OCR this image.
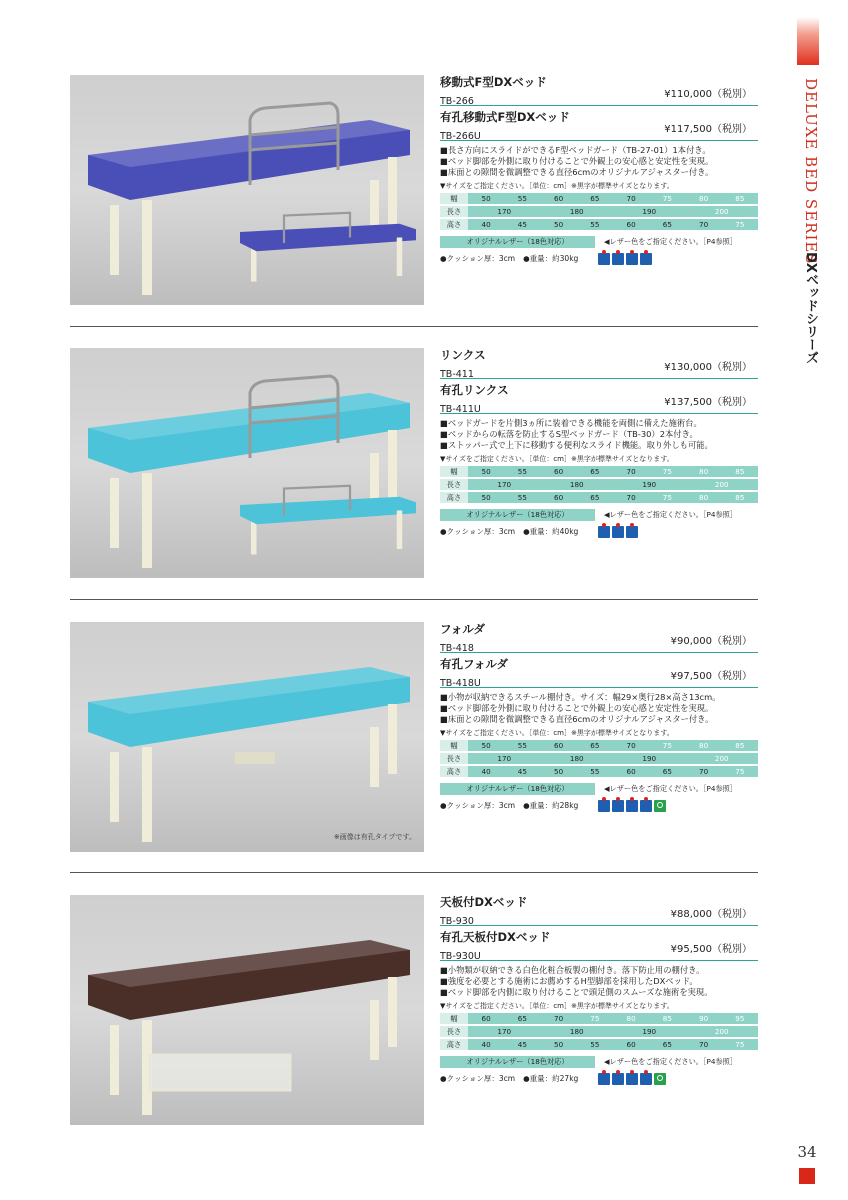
DELUXE BED SERIES
DXベッドシリーズ
34
移動式F型DXベッド
TB-266
¥110,000（税別）
有孔移動式F型DXベッド
TB-266U
¥117,500（税別）
■長さ方向にスライドができるF型ベッドガード（TB-27-01）1本付き。
■ベッド脚部を外側に取り付けることで外観上の安心感と安定性を実現。
■床面との隙間を微調整できる直径6cmのオリジナルアジャスター付き。
▼サイズをご指定ください。［単位：cm］※黒字が標準サイズとなります。
幅	50	55	60	65	70	75	80	85
長さ	170		180		190		200	
高さ	40	45	50	55	60	65	70	75
オリジナルレザー（18色対応）	◀レザー色をご指定ください。［P4参照］
●クッション厚：3cm ●重量：約30kg
リンクス
TB-411
¥130,000（税別）
有孔リンクス
TB-411U
¥137,500（税別）
■ベッドガードを片側3ヵ所に装着できる機能を両側に備えた施術台。
■ベッドからの転落を防止するS型ベッドガード（TB-30）2本付き。
■ストッパー式で上下に移動する便利なスライド機能。取り外しも可能。
▼サイズをご指定ください。［単位：cm］※黒字が標準サイズとなります。
幅	50	55	60	65	70	75	80	85
長さ	170		180		190		200	
高さ	50	55	60	65	70	75	80	85
オリジナルレザー（18色対応）	◀レザー色をご指定ください。［P4参照］
●クッション厚：3cm ●重量：約40kg
※画像は有孔タイプです。
フォルダ
TB-418
¥90,000（税別）
有孔フォルダ
TB-418U
¥97,500（税別）
■小物が収納できるスチール棚付き。サイズ：幅29×奥行28×高さ13cm。
■ベッド脚部を外側に取り付けることで外観上の安心感と安定性を実現。
■床面との隙間を微調整できる直径6cmのオリジナルアジャスター付き。
▼サイズをご指定ください。［単位：cm］※黒字が標準サイズとなります。
幅	50	55	60	65	70	75	80	85
長さ	170		180		190		200	
高さ	40	45	50	55	60	65	70	75
オリジナルレザー（18色対応）	◀レザー色をご指定ください。［P4参照］
●クッション厚：3cm ●重量：約28kg
天板付DXベッド
TB-930
¥88,000（税別）
有孔天板付DXベッド
TB-930U
¥95,500（税別）
■小物類が収納できる白色化粧合板製の棚付き。落下防止用の棚付き。
■強度を必要とする施術にお薦めするH型脚部を採用したDXベッド。
■ベッド脚部を内側に取り付けることで頭足側のスムーズな施術を実現。
▼サイズをご指定ください。［単位：cm］※黒字が標準サイズとなります。
幅	60	65	70	75	80	85	90	95
長さ	170		180		190		200	
高さ	40	45	50	55	60	65	70	75
オリジナルレザー（18色対応）	◀レザー色をご指定ください。［P4参照］
●クッション厚：3cm ●重量：約27kg
